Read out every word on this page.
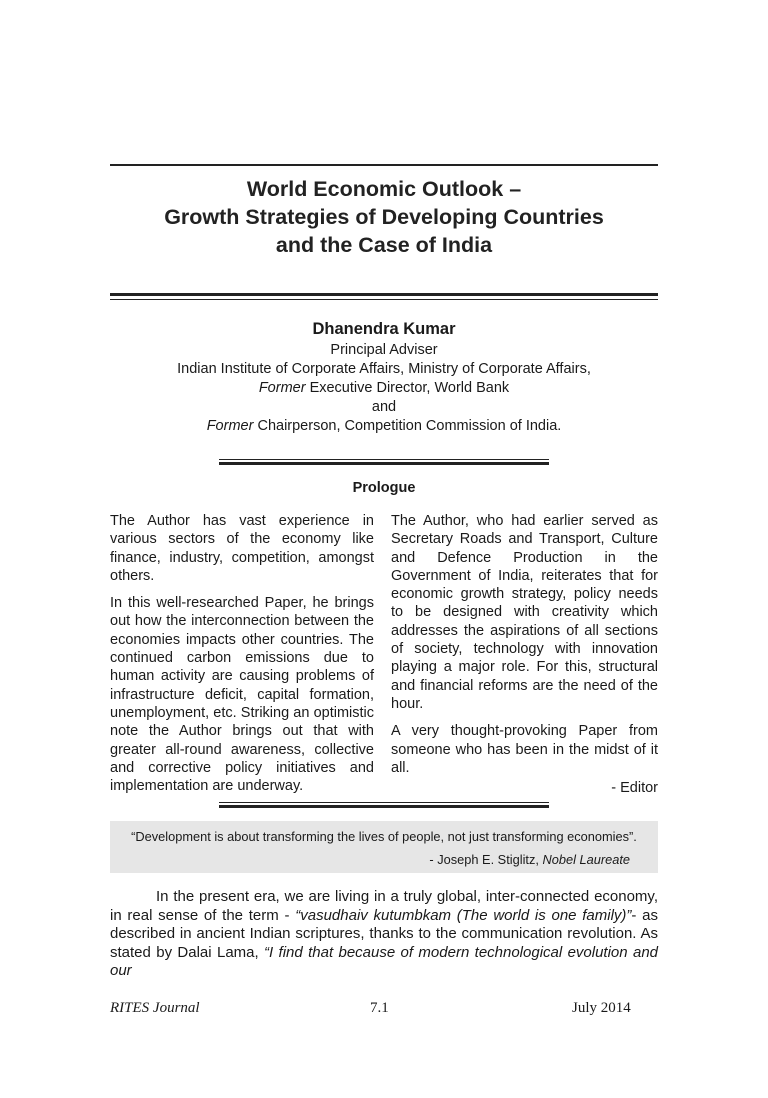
World Economic Outlook –
Growth Strategies of Developing Countries
and the Case of India
Dhanendra Kumar
Principal Adviser
Indian Institute of Corporate Affairs, Ministry of Corporate Affairs,
Former Executive Director, World Bank
and
Former Chairperson, Competition Commission of India.
Prologue

The Author has vast experience in various sectors of the economy like finance, industry, competition, amongst others.

In this well-researched Paper, he brings out how the interconnection between the economies impacts other countries. The continued carbon emissions due to human activity are causing problems of infrastructure deficit, capital formation, unemployment, etc. Striking an optimistic note the Author brings out that with greater all-round awareness, collective and corrective policy initiatives and implementation are underway.

The Author, who had earlier served as Secretary Roads and Transport, Culture and Defence Production in the Government of India, reiterates that for economic growth strategy, policy needs to be designed with creativity which addresses the aspirations of all sections of society, technology with innovation playing a major role. For this, structural and financial reforms are the need of the hour.

A very thought-provoking Paper from someone who has been in the midst of it all.

- Editor
“Development is about transforming the lives of people, not just transforming economies”.
- Joseph E. Stiglitz, Nobel Laureate

In the present era, we are living in a truly global, inter-connected economy, in real sense of the term - “vasudhaiv kutumbkam (The world is one family)”- as described in ancient Indian scriptures, thanks to the communication revolution. As stated by Dalai Lama, “I find that because of modern technological evolution and our

RITES Journal	7.1	July 2014
